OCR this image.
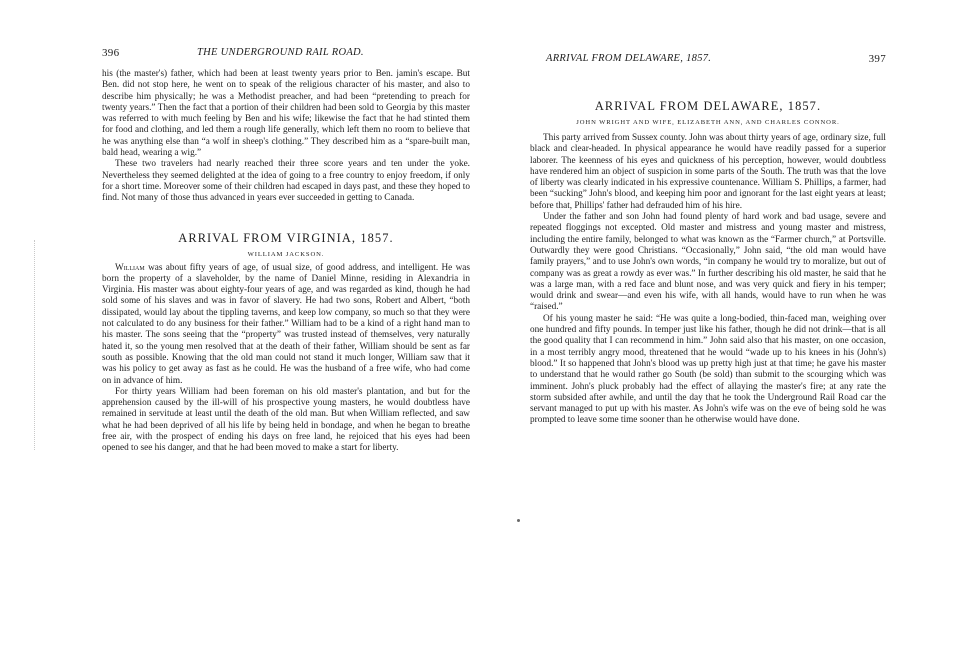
396	THE UNDERGROUND RAIL ROAD.

his (the master's) father, which had been at least twenty years prior to Ben. jamin's escape. But Ben. did not stop here, he went on to speak of the religious character of his master, and also to describe him physically; he was a Methodist preacher, and had been “pretending to preach for twenty years.” Then the fact that a portion of their children had been sold to Georgia by this master was referred to with much feeling by Ben and his wife; likewise the fact that he had stinted them for food and clothing, and led them a rough life generally, which left them no room to believe that he was anything else than “a wolf in sheep's clothing.” They described him as a “spare-built man, bald head, wearing a wig.”

These two travelers had nearly reached their three score years and ten under the yoke. Nevertheless they seemed delighted at the idea of going to a free country to enjoy freedom, if only for a short time. Moreover some of their children had escaped in days past, and these they hoped to find. Not many of those thus advanced in years ever succeeded in getting to Canada.

ARRIVAL FROM VIRGINIA, 1857.
WILLIAM JACKSON.

William was about fifty years of age, of usual size, of good address, and intelligent. He was born the property of a slaveholder, by the name of Daniel Minne, residing in Alexandria in Virginia. His master was about eighty-four years of age, and was regarded as kind, though he had sold some of his slaves and was in favor of slavery. He had two sons, Robert and Albert, “both dissipated, would lay about the tippling taverns, and keep low company, so much so that they were not calculated to do any business for their father.” William had to be a kind of a right hand man to his master. The sons seeing that the “property” was trusted instead of themselves, very naturally hated it, so the young men resolved that at the death of their father, William should be sent as far south as possible. Knowing that the old man could not stand it much longer, William saw that it was his policy to get away as fast as he could. He was the husband of a free wife, who had come on in advance of him.

For thirty years William had been foreman on his old master's plantation, and but for the apprehension caused by the ill-will of his prospective young masters, he would doubtless have remained in servitude at least until the death of the old man. But when William reflected, and saw what he had been deprived of all his life by being held in bondage, and when he began to breathe free air, with the prospect of ending his days on free land, he rejoiced that his eyes had been opened to see his danger, and that he had been moved to make a start for liberty.

ARRIVAL FROM DELAWARE, 1857.	397
ARRIVAL FROM DELAWARE, 1857.
JOHN WRIGHT AND WIFE, ELIZABETH ANN, AND CHARLES CONNOR.

This party arrived from Sussex county. John was about thirty years of age, ordinary size, full black and clear-headed. In physical appearance he would have readily passed for a superior laborer. The keenness of his eyes and quickness of his perception, however, would doubtless have rendered him an object of suspicion in some parts of the South. The truth was that the love of liberty was clearly indicated in his expressive countenance. William S. Phillips, a farmer, had been “sucking” John's blood, and keeping him poor and ignorant for the last eight years at least; before that, Phillips' father had defrauded him of his hire.

Under the father and son John had found plenty of hard work and bad usage, severe and repeated floggings not excepted. Old master and mistress and young master and mistress, including the entire family, belonged to what was known as the “Farmer church,” at Portsville. Outwardly they were good Christians. “Occasionally,” John said, “the old man would have family prayers,” and to use John's own words, “in company he would try to moralize, but out of company was as great a rowdy as ever was.” In further describing his old master, he said that he was a large man, with a red face and blunt nose, and was very quick and fiery in his temper; would drink and swear—and even his wife, with all hands, would have to run when he was “raised.”

Of his young master he said: “He was quite a long-bodied, thin-faced man, weighing over one hundred and fifty pounds. In temper just like his father, though he did not drink—that is all the good quality that I can recommend in him.” John said also that his master, on one occasion, in a most terribly angry mood, threatened that he would “wade up to his knees in his (John's) blood.” It so happened that John's blood was up pretty high just at that time; he gave his master to understand that he would rather go South (be sold) than submit to the scourging which was imminent. John's pluck probably had the effect of allaying the master's fire; at any rate the storm subsided after awhile, and until the day that he took the Underground Rail Road car the servant managed to put up with his master. As John's wife was on the eve of being sold he was prompted to leave some time sooner than he otherwise would have done.
